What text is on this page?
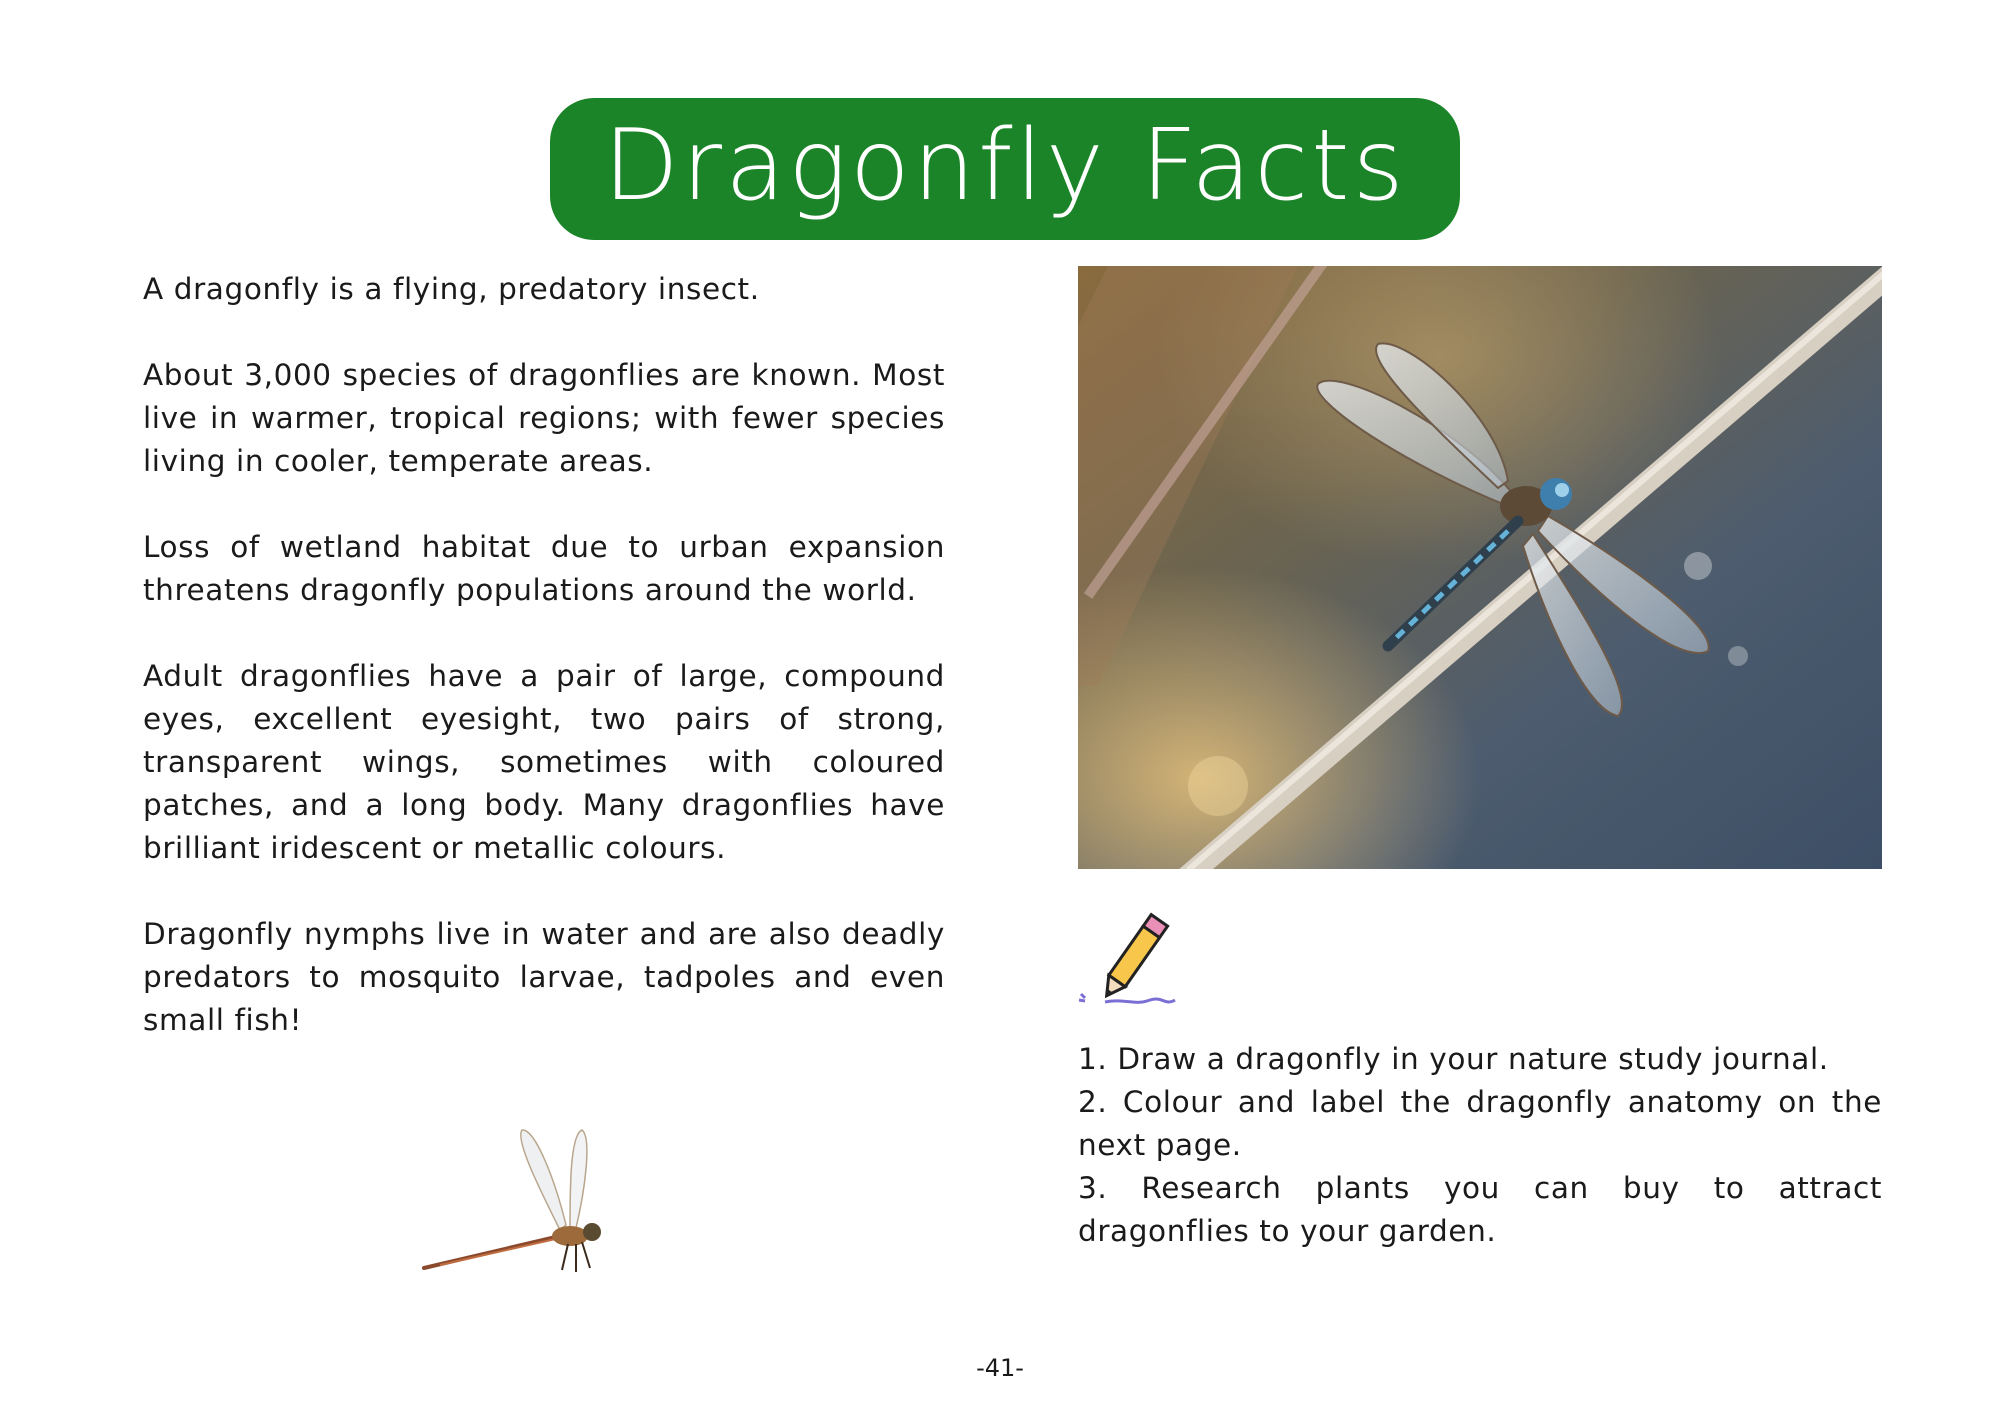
Dragonfly Facts

A dragonfly is a flying, predatory insect.

About 3,000 species of dragonflies are known. Most live in warmer, tropical regions; with fewer species living in cooler, temperate areas.

Loss of wetland habitat due to urban expansion threatens dragonfly populations around the world.

Adult dragonflies have a pair of large, compound eyes, excellent eyesight, two pairs of strong, transparent wings, sometimes with coloured patches, and a long body. Many dragonflies have brilliant iridescent or metallic colours.

Dragonfly nymphs live in water and are also deadly predators to mosquito larvae, tadpoles and even small fish!

1. Draw a dragonfly in your nature study journal.
2. Colour and label the dragonfly anatomy on the next page.
3. Research plants you can buy to attract dragonflies to your garden.
-41-
